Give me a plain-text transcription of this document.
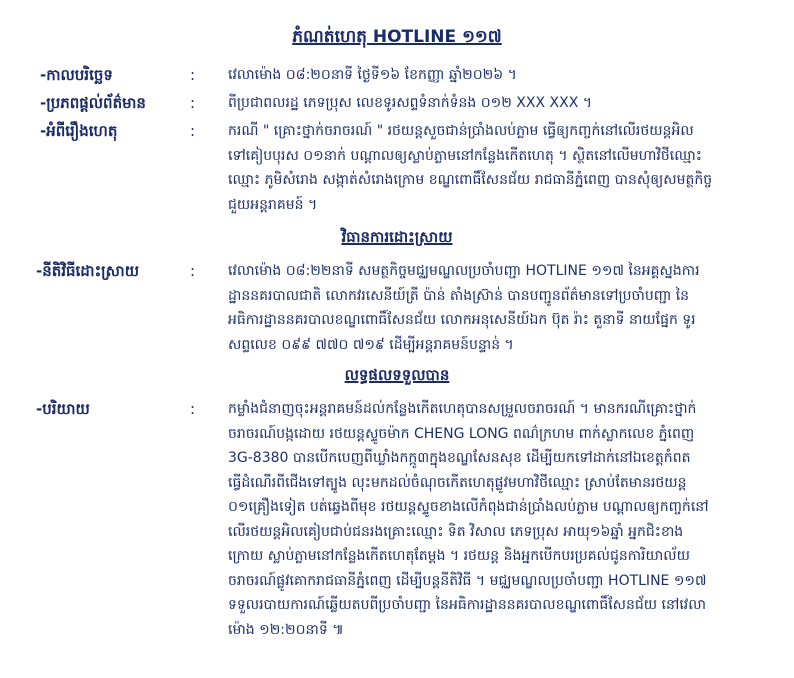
ភំណត់ហេតុ HOTLINE ១១៧
-កាលបរិច្ឆេទ	: វេលាម៉ោង ០៨:២០នាទី ថ្ងៃទី១៦ ខែកញ្ញា ឆ្នាំ២០២៦ ។
-ប្រភពផ្តល់ព័ត៌មាន	: ពីប្រជាពលរដ្ឋ ភេទប្រុស លេខទូរសព្ទទំនាក់ទំនង ០១២ XXX XXX ។
-អំពីរឿងហេតុ	: ករណី " គ្រោះថ្នាក់ចរាចរណ៍ " រថយន្តសួចជាន់ប្រាំងលប់ភ្លាម ធ្វើឲ្យកញ្ចក់នៅលើរថយន្តអិល
ទៅគៀបបុរស ០១នាក់ បណ្តាលឲ្យស្លាប់ភ្លាមនៅកន្លែងកើតហេតុ ។ ស្ថិតនៅលើមហាវិថីឈ្មោះ
ឈ្មោះ ភូមិសំរោង សង្កាត់សំរោងក្រោម ខណ្ឌពោធិ៍សែនជ័យ រាជធានីភ្នំពេញ បានសុំឲ្យសមត្ថកិច្ច
ជួយអន្តរាគមន៍ ។
វិធានការដោះស្រាយ
-នីតិវិធីដោះស្រាយ	: វេលាម៉ោង ០៨:២២នាទី សមត្ថកិច្ចមជ្ឈមណ្ឌលប្រចាំបញ្ជា HOTLINE ១១៧ នៃអគ្គស្នងការ
ដ្ឋាននគរបាលជាតិ លោកវរសេនីយ៍ត្រី ប៉ាន់ តាំងស្រ៊ាន់ បានបញ្ជូនព័ត៌មានទៅប្រចាំបញ្ជា នៃ
អធិការដ្ឋាននគរបាលខណ្ឌពោធិ៍សែនជ័យ លោកអនុសេនីយ៍ឯក ប៊ុត រ៉ាះ តួនាទី នាយផ្នែក ទូរ
សព្ទលេខ ០៩៩ ៧៧០ ៧១៩ ដើម្បីអន្តរាគមន៍បន្ទាន់ ។
លទ្ធផលទទួលបាន
-បរិយាយ	: កម្លាំងជំនាញចុះអន្តរាគមន៍ដល់កន្លែងកើតហេតុបានសម្រួលចរាចរណ៍ ។ មានករណីគ្រោះថ្នាក់
ចរាចរណ៍បង្កដោយ រថយន្តស្ទូចម៉ាក CHENG LONG ពណ៌ក្រហម ពាក់ស្លាកលេខ ភ្នំពេញ
3G-8380 បានបើកបេញពីឃ្លាំងកក្កូ៣ក្នុងខណ្ឌសែនសុខ ដើម្បីយកទៅដាក់នៅឯខេត្តកំពត
ធ្វើដំណើរពីជើងទៅត្បូង លុះមកដល់ចំណុចកើតហេតុផ្លូវមហាវិថីឈ្មោះ ស្រាប់តែមានរថយន្ត
០១គ្រឿងទៀត បត់ឆ្វេងពីមុខ រថយន្តស្ទូចខាងលើកំពុងជាន់ប្រាំងលប់ភ្លាម បណ្តាលឲ្យកញ្ចក់នៅ
លើរថយន្តអិលគៀបជាប់ជនរងគ្រោះឈ្មោះ ទិត វិសាល ភេទប្រុស អាយុ១៦ឆ្នាំ អ្នកជិះខាង
ក្រោយ ស្លាប់ភ្លាមនៅកន្លែងកើតហេតុតែម្តង ។ រថយន្ត និងអ្នកបើកបរប្រគល់ជូនការិយាល័យ
ចរាចរណ៍ផ្លូវគោករាជធានីភ្នំពេញ ដើម្បីបន្តនីតិវិធី ។ មជ្ឈមណ្ឌលប្រចាំបញ្ជា HOTLINE ១១៧
ទទួលរបាយការណ៍ឆ្លើយតបពីប្រចាំបញ្ជា នៃអធិការដ្ឋាននគរបាលខណ្ឌពោធិ៍សែនជ័យ នៅវេលា
ម៉ោង ១២:២០នាទី ៕
